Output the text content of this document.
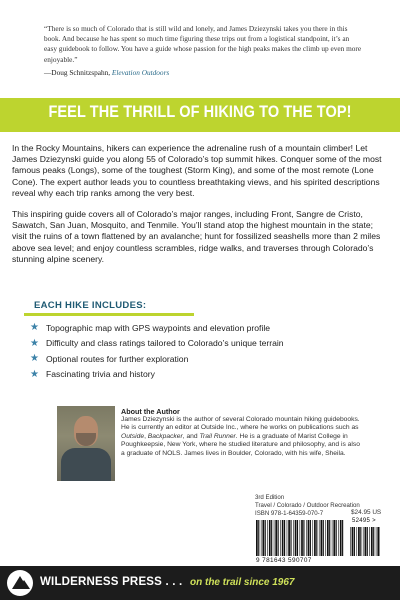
“There is so much of Colorado that is still wild and lonely, and James Dziezynski takes you there in this book. And because he has spent so much time figuring these trips out from a logistical standpoint, it’s an easy guidebook to follow. You have a guide whose passion for the high peaks makes the climb up even more enjoyable.”
—Doug Schnitzspahn, Elevation Outdoors
FEEL THE THRILL OF HIKING TO THE TOP!

In the Rocky Mountains, hikers can experience the adrenaline rush of a mountain climber! Let James Dziezynski guide you along 55 of Colorado’s top summit hikes. Conquer some of the most famous peaks (Longs), some of the toughest (Storm King), and some of the most remote (Lone Cone). The expert author leads you to countless breathtaking views, and his spirited descriptions reveal why each trip ranks among the very best.

This inspiring guide covers all of Colorado’s major ranges, including Front, Sangre de Cristo, Sawatch, San Juan, Mosquito, and Tenmile. You’ll stand atop the highest mountain in the state; visit the ruins of a town flattened by an avalanche; hunt for fossilized seashells more than 2 miles above sea level; and enjoy countless scrambles, ridge walks, and traverses through Colorado’s stunning alpine scenery.

EACH HIKE INCLUDES:
★ Topographic map with GPS waypoints and elevation profile
★ Difficulty and class ratings tailored to Colorado’s unique terrain
★ Optional routes for further exploration
★ Fascinating trivia and history
About the Author
James Dziezynski is the author of several Colorado mountain hiking guidebooks. He is currently an editor at Outside Inc., where he works on publications such as Outside, Backpacker, and Trail Runner. He is a graduate of Marist College in Poughkeepsie, New York, where he studied literature and philosophy, and is also a graduate of NOLS. James lives in Boulder, Colorado, with his wife, Sheila.
3rd Edition
Travel / Colorado / Outdoor Recreation
ISBN 978-1-64359-070-7	$24.95 US
52495 >
9 781643 590707
WILDERNESS PRESS . . . on the trail since 1967
